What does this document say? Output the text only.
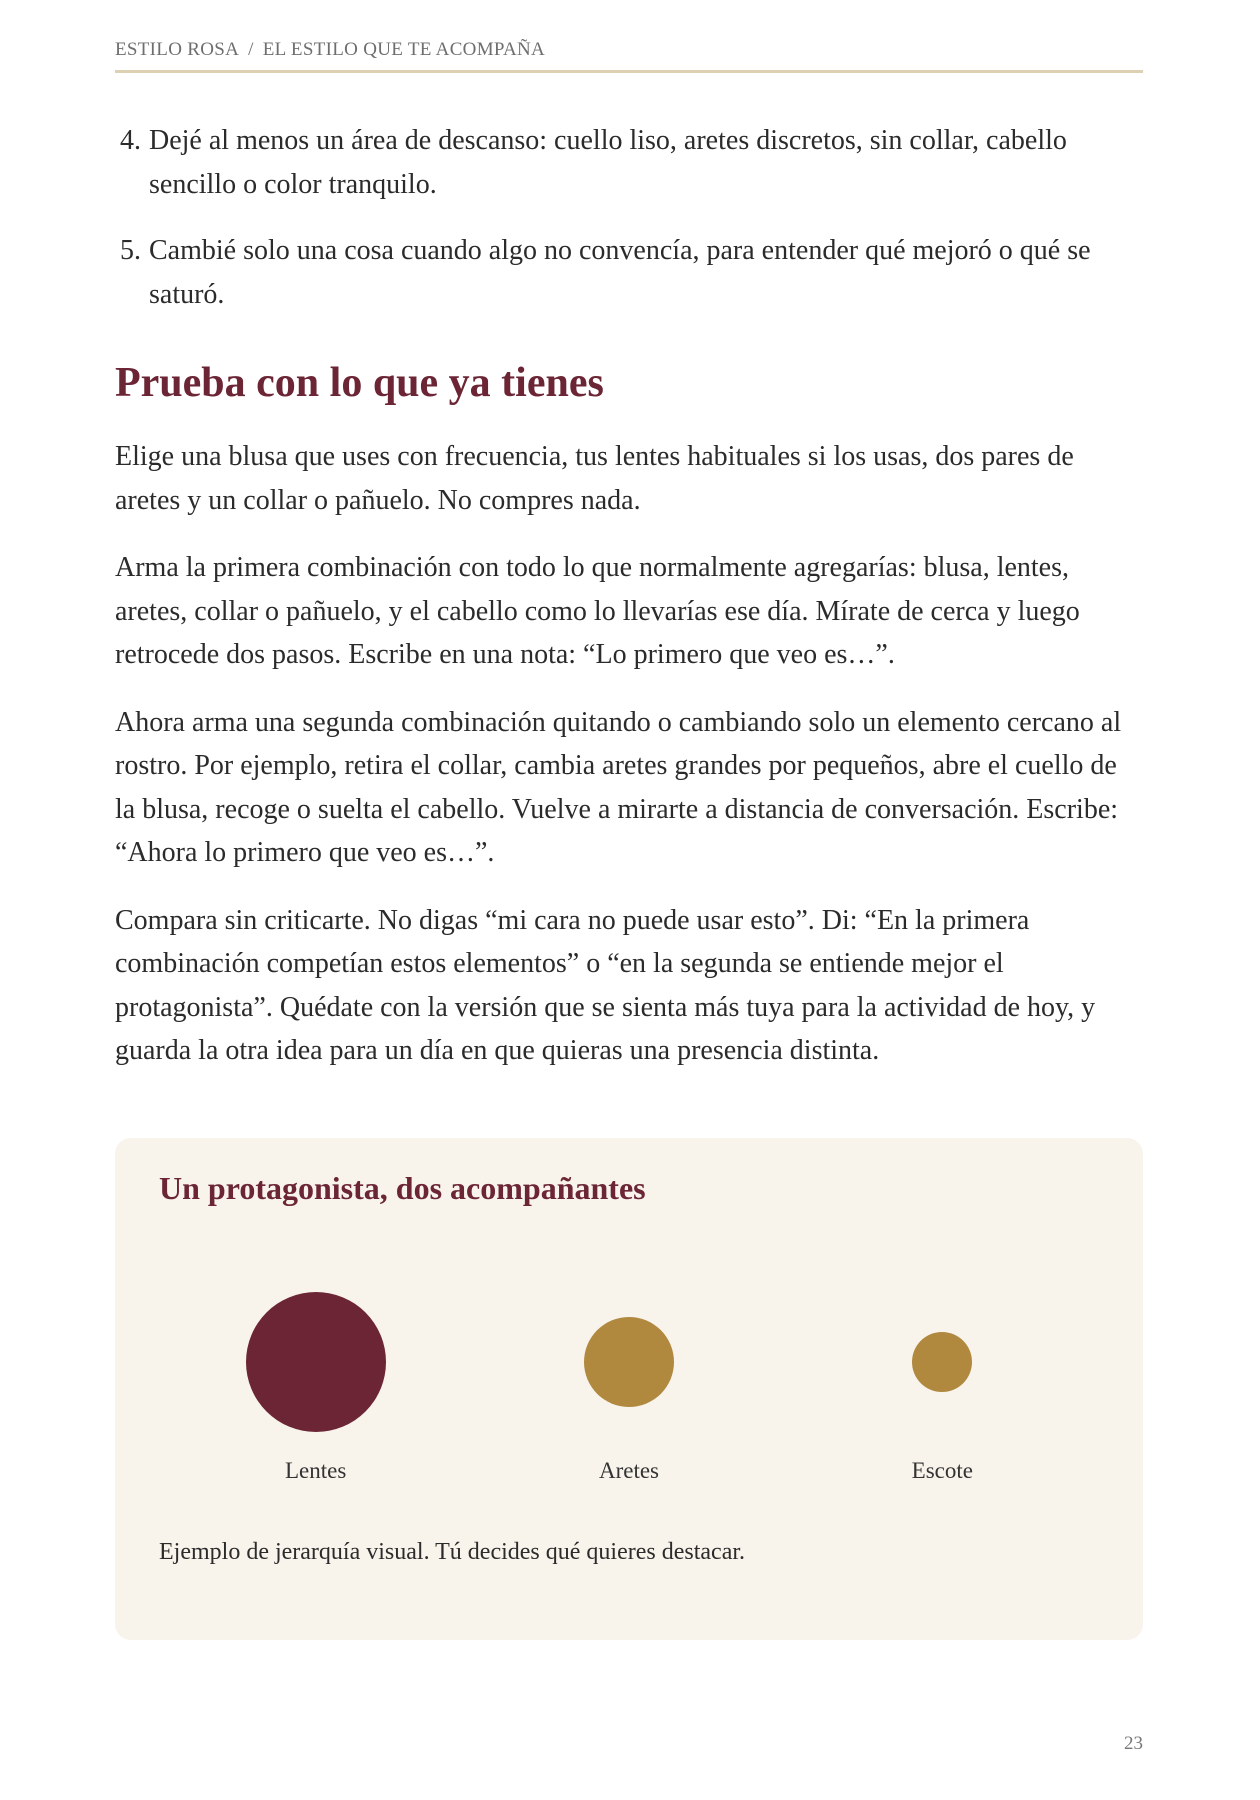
ESTILO ROSA / EL ESTILO QUE TE ACOMPAÑA
4. Dejé al menos un área de descanso: cuello liso, aretes discretos, sin collar, cabello sencillo o color tranquilo.
5. Cambié solo una cosa cuando algo no convencía, para entender qué mejoró o qué se saturó.
Prueba con lo que ya tienes

Elige una blusa que uses con frecuencia, tus lentes habituales si los usas, dos pares de aretes y un collar o pañuelo. No compres nada.

Arma la primera combinación con todo lo que normalmente agregarías: blusa, lentes, aretes, collar o pañuelo, y el cabello como lo llevarías ese día. Mírate de cerca y luego retrocede dos pasos. Escribe en una nota: “Lo primero que veo es…”.

Ahora arma una segunda combinación quitando o cambiando solo un elemento cercano al rostro. Por ejemplo, retira el collar, cambia aretes grandes por pequeños, abre el cuello de la blusa, recoge o suelta el cabello. Vuelve a mirarte a distancia de conversación. Escribe: “Ahora lo primero que veo es…”.

Compara sin criticarte. No digas “mi cara no puede usar esto”. Di: “En la primera combinación competían estos elementos” o “en la segunda se entiende mejor el protagonista”. Quédate con la versión que se sienta más tuya para la actividad de hoy, y guarda la otra idea para un día en que quieras una presencia distinta.

Un protagonista, dos acompañantes
Lentes	Aretes	Escote
Ejemplo de jerarquía visual. Tú decides qué quieres destacar.
23
